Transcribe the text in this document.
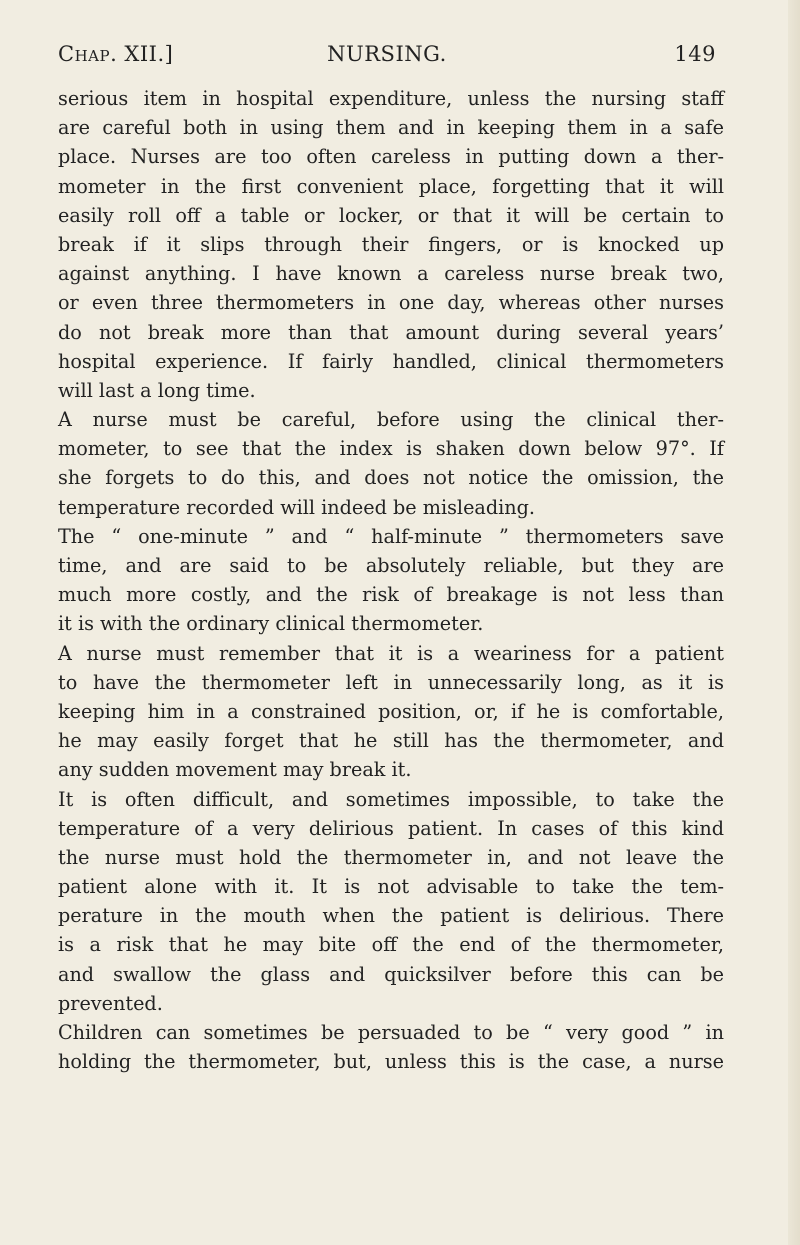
Chap. XII.]	NURSING.	149
serious item in hospital expenditure, unless the nursing staff
are careful both in using them and in keeping them in a safe
place. Nurses are too often careless in putting down a ther-
mometer in the first convenient place, forgetting that it will
easily roll off a table or locker, or that it will be certain to
break if it slips through their fingers, or is knocked up
against anything. I have known a careless nurse break two,
or even three thermometers in one day, whereas other nurses
do not break more than that amount during several years’
hospital experience. If fairly handled, clinical thermometers
will last a long time.
A nurse must be careful, before using the clinical ther-
mometer, to see that the index is shaken down below 97°. If
she forgets to do this, and does not notice the omission, the
temperature recorded will indeed be misleading.
The “ one-minute ” and “ half-minute ” thermometers save
time, and are said to be absolutely reliable, but they are
much more costly, and the risk of breakage is not less than
it is with the ordinary clinical thermometer.
A nurse must remember that it is a weariness for a patient
to have the thermometer left in unnecessarily long, as it is
keeping him in a constrained position, or, if he is comfortable,
he may easily forget that he still has the thermometer, and
any sudden movement may break it.
It is often difficult, and sometimes impossible, to take the
temperature of a very delirious patient. In cases of this kind
the nurse must hold the thermometer in, and not leave the
patient alone with it. It is not advisable to take the tem-
perature in the mouth when the patient is delirious. There
is a risk that he may bite off the end of the thermometer,
and swallow the glass and quicksilver before this can be
prevented.
Children can sometimes be persuaded to be “ very good ” in
holding the thermometer, but, unless this is the case, a nurse
